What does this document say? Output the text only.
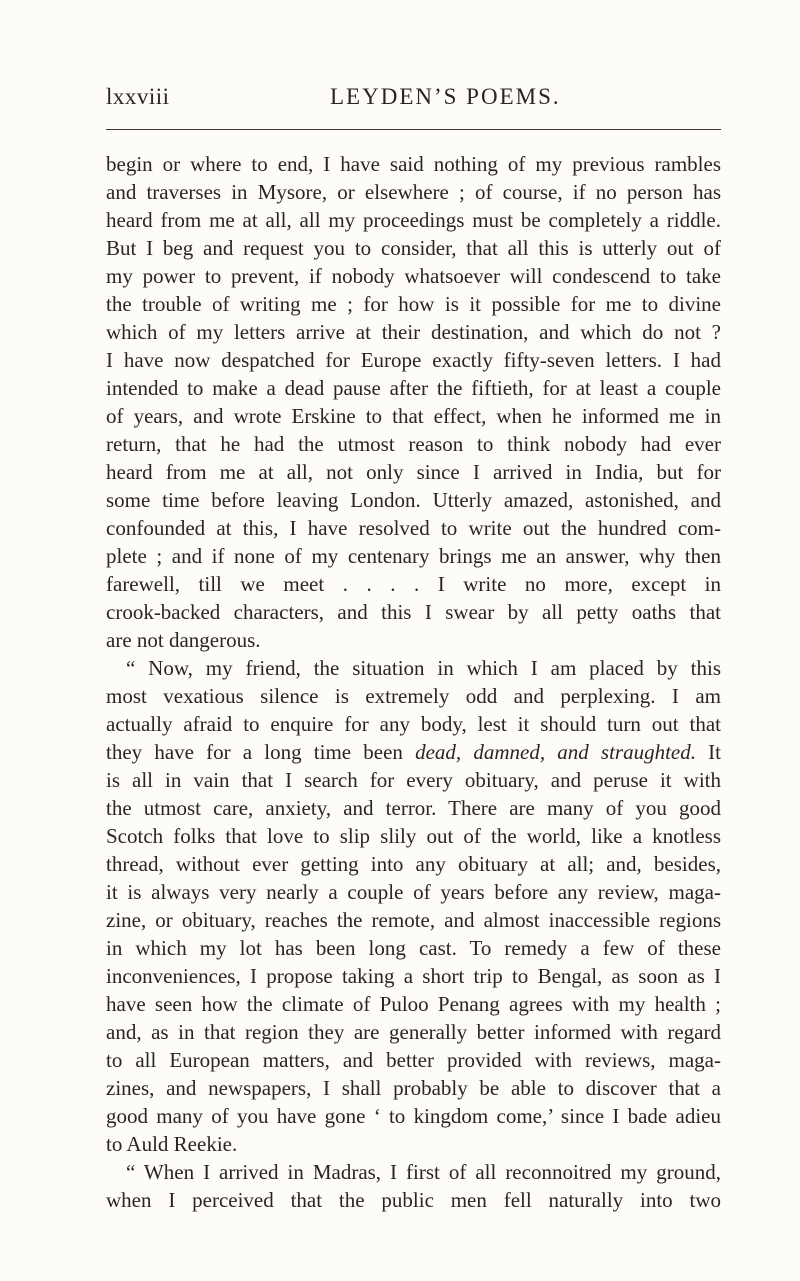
lxxviii	LEYDEN’S POEMS.
begin or where to end, I have said nothing of my previous rambles
and traverses in Mysore, or elsewhere ; of course, if no person has
heard from me at all, all my proceedings must be completely a riddle.
But I beg and request you to consider, that all this is utterly out of
my power to prevent, if nobody whatsoever will condescend to take
the trouble of writing me ; for how is it possible for me to divine
which of my letters arrive at their destination, and which do not ?
I have now despatched for Europe exactly fifty-seven letters. I had
intended to make a dead pause after the fiftieth, for at least a couple
of years, and wrote Erskine to that effect, when he informed me in
return, that he had the utmost reason to think nobody had ever
heard from me at all, not only since I arrived in India, but for
some time before leaving London. Utterly amazed, astonished, and
confounded at this, I have resolved to write out the hundred com-
plete ; and if none of my centenary brings me an answer, why then
farewell, till we meet . . . . I write no more, except in
crook-backed characters, and this I swear by all petty oaths that
are not dangerous.
“ Now, my friend, the situation in which I am placed by this
most vexatious silence is extremely odd and perplexing. I am
actually afraid to enquire for any body, lest it should turn out that
they have for a long time been dead, damned, and straughted. It
is all in vain that I search for every obituary, and peruse it with
the utmost care, anxiety, and terror. There are many of you good
Scotch folks that love to slip slily out of the world, like a knotless
thread, without ever getting into any obituary at all; and, besides,
it is always very nearly a couple of years before any review, maga-
zine, or obituary, reaches the remote, and almost inaccessible regions
in which my lot has been long cast. To remedy a few of these
inconveniences, I propose taking a short trip to Bengal, as soon as I
have seen how the climate of Puloo Penang agrees with my health ;
and, as in that region they are generally better informed with regard
to all European matters, and better provided with reviews, maga-
zines, and newspapers, I shall probably be able to discover that a
good many of you have gone ‘ to kingdom come,’ since I bade adieu
to Auld Reekie.
“ When I arrived in Madras, I first of all reconnoitred my ground,
when I perceived that the public men fell naturally into two
